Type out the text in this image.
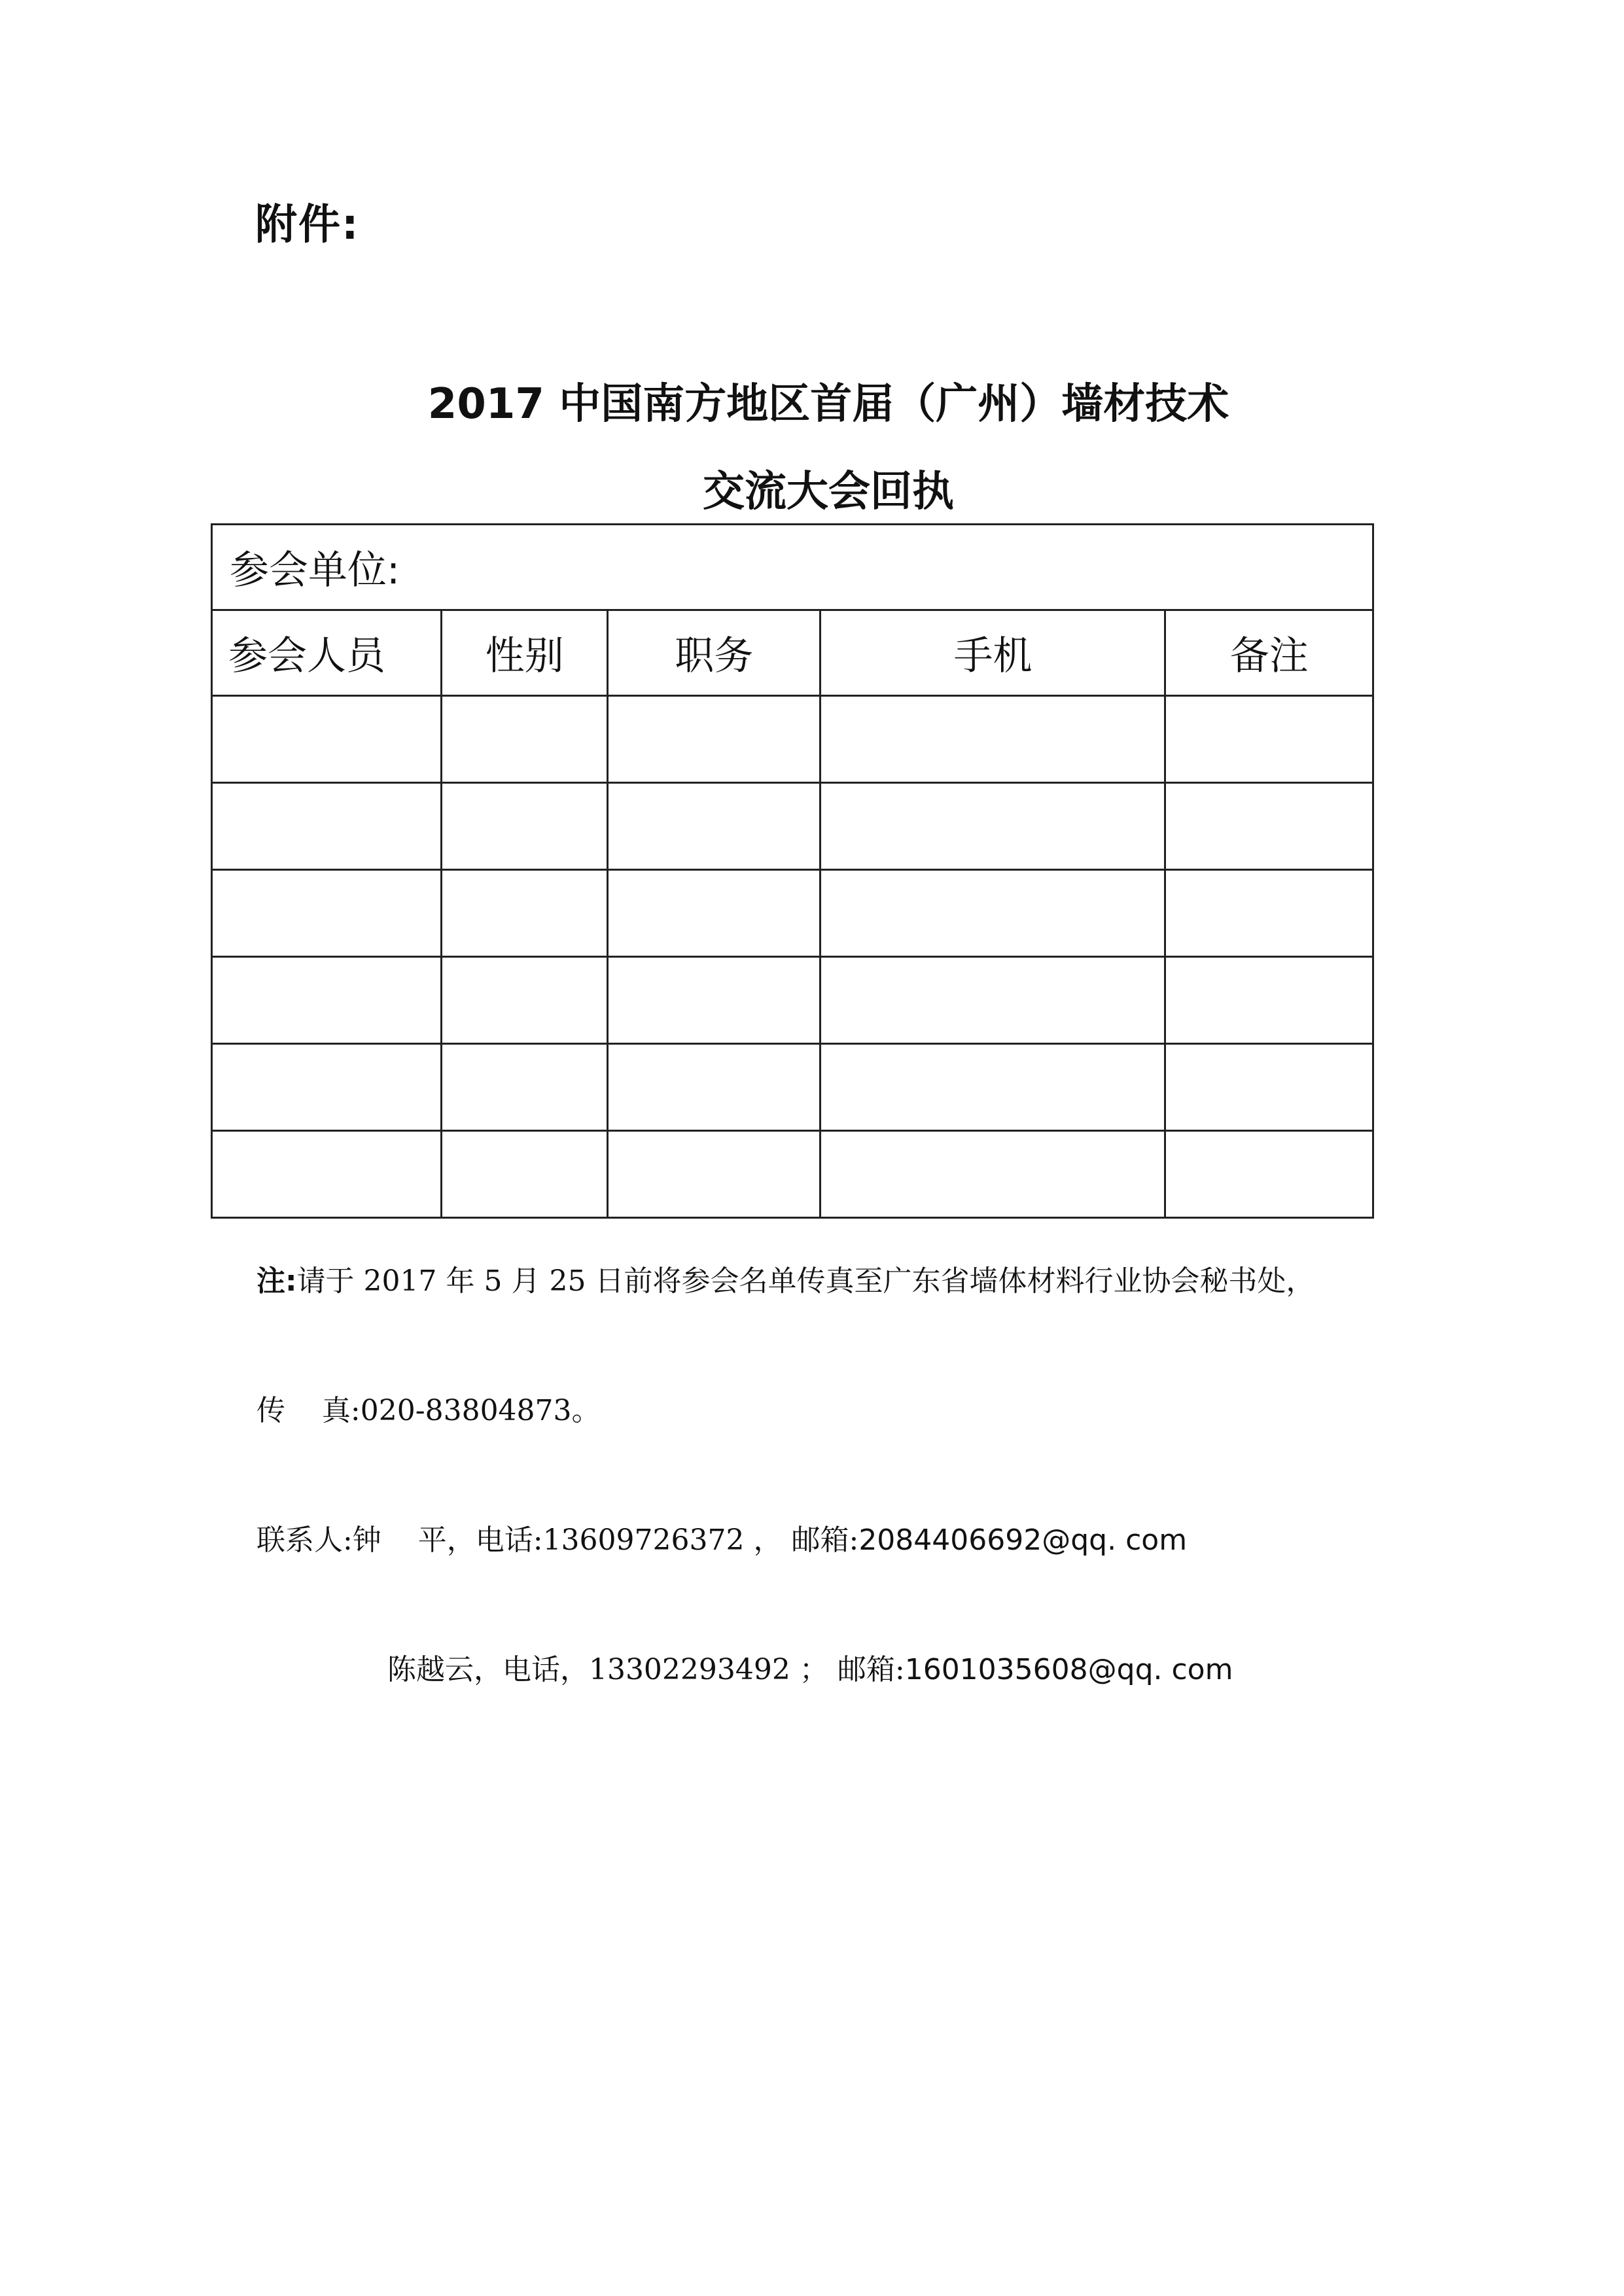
附件:
2017 中国南方地区首届（广州）墙材技术
交流大会回执
参会单位:				
参会人员	性别	职务	手机	备注

注:请于 2017 年 5 月 25 日前将参会名单传真至广东省墙体材料行业协会秘书处，

传    真:020-83804873。

联系人:钟    平，电话:13609726372 ， 邮箱:2084406692@qq. com

陈越云，电话，13302293492 ； 邮箱:1601035608@qq. com
